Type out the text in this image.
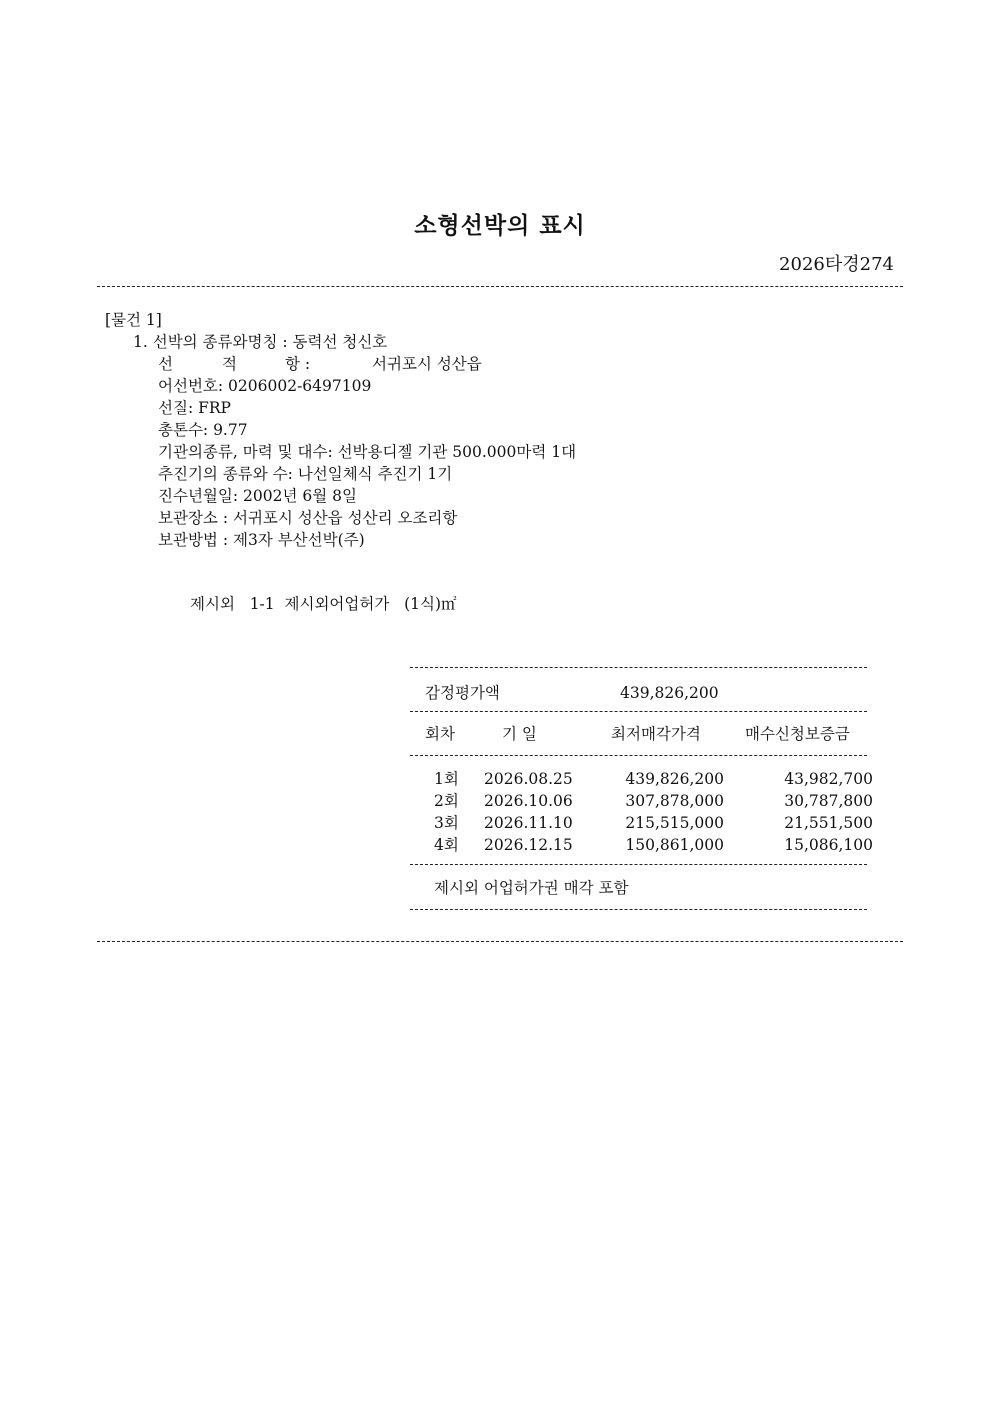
소형선박의 표시
2026타경274
[물건 1]
1. 선박의 종류와명칭 : 동력선 청신호
선	적	항 :	서귀포시 성산읍
어선번호: 0206002-6497109
선질: FRP
총톤수: 9.77
기관의종류, 마력 및 대수: 선박용디젤 기관 500.000마력 1대
추진기의 종류와 수: 나선일체식 추진기 1기
진수년월일: 2002년 6월 8일
보관장소 : 서귀포시 성산읍 성산리 오조리항
보관방법 : 제3자 부산선박(주)
제시외   1-1  제시외어업허가   (1식)㎡
감정평가액	439,826,200
회차	기 일	최저매각가격	매수신청보증금
1회 2026.08.25	439,826,200	43,982,700
2회 2026.10.06	307,878,000	30,787,800
3회 2026.11.10	215,515,000	21,551,500
4회 2026.12.15	150,861,000	15,086,100
제시외 어업허가권 매각 포함
